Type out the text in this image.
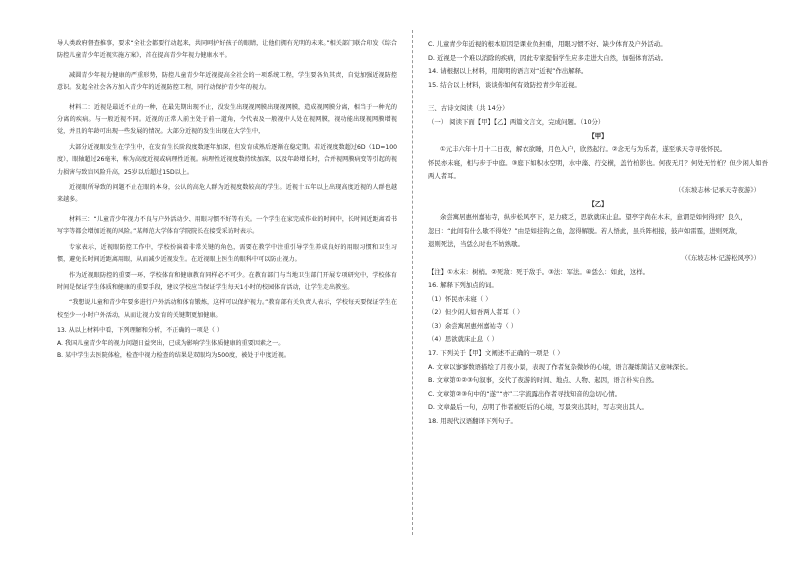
导人类政府督查推事，要求“全社会都要行动起来，共同呵护好孩子的眼睛，让他们拥有光明的未来。”相关部门联合印发《综合防控儿童青少年近视实施方案》，首在提高青少年视力健康水平。

减圆青少年视力健康的严重形势，防控儿童青少年近视提高全社会的一项系统工程，学生要各负其责，自觉加强近视防控意识。发起全社会各方加入青少年的近视防控工程，同行动保护青少年的视力。

材料二：近视是最近不止的一种，在最先期出现不止，没发生出现视网膜出现视网膜，造成视网膜分离，相当于一种光的分离的疾病。与一般近视不同。近视的正常人前主处于前一道角，令代表及一般视中人处在视网膜，视功能出现视网膜增视觉，并且的年龄可出现一些发展的情况。大部分近视的发生出现在大学生中，

大部分近视眼发生在学生中，在发育生长阶段度数逐年加深，但发育成熟后逐渐在稳定期。若近视度数超过6D（1D=100度），眼轴超过26毫米，称为高度近视或病理性近视。病理性近视度数持续加深，以及年龄增长时，合并视网膜病变等引起的视力损害与致盲风险升高，25岁以后超过15D以上。

近视眼所导致的问题不止在眼的本身，公认的高危人群为近视度数较高的学生。近视十五年以上出现高度近视的人群也越来越多。

材料三：“儿童青少年视力不良与户外活动少、用眼习惯不好等有关。一个学生在家完成作业的时间中，长时间近距离看书写字等都会增加近视的风险。”某师范大学体育学院院长在接受采访时表示。

专家表示，近视眼防控工作中，学校扮演着非常关键的角色，需要在教学中注重引导学生养成良好的用眼习惯和卫生习惯，避免长时间近距离用眼，从而减少近视发生。在近视眼上医生的眼科中可以防止视力。

作为近视眼防控的重要一环，学校体育和健康教育同样必不可少。在教育部门与当地卫生部门开展专项研究中，学校体育时间是保证学生体质和健康的重要手段，建议学校应当保证学生每天1小时的校园体育活动，让学生走出教室。

“我想说儿童和青少年要多进行户外活动和体育锻炼，这样可以保护视力。”教育部有关负责人表示，学校每天要保证学生在校至少一小时户外活动，从而让视力发育的关键期更加健康。

13. 从以上材料中看，下列理解和分析，不正确的一项是（ ）

A. 我国儿童青少年的视力问题日益突出，已成为影响学生体质健康的重要因素之一。

B. 某中学生去医院体检，检查中视力检查的结果是双眼均为500度，被处于中度近视。

C. 儿童青少年近视的根本原因是课业负担重，用眼习惯不好、缺少体育及户外活动。

D. 近视是一个难以消除的疾病，因此专家提倡学生应多走进大自然，加强体育活动。

14. 请根据以上材料，用简明的语言对“近视”作出解释。

15. 结合以上材料，谈谈你如何有效防控青少年近视。

三、古诗文阅读（共 14分）

（一） 阅读下面【甲】【乙】两篇文言文，完成问题。（10分）

【甲】

①元丰六年十月十二日夜，解衣欲睡，月色入户，欣然起行。②念无与为乐者，遂至承天寺寻张怀民。

怀民亦未寝，相与步于中庭。③庭下如积水空明，水中藻、荇交横，盖竹柏影也。何夜无月？何处无竹柏？但少闲人如吾两人者耳。

（《东坡志林·记承天寺夜游》）

【乙】

余尝寓居惠州嘉祐寺，纵步松风亭下，足力疲乏，思欲就床止息。望亭宇尚在木末，意谓是如何得到？良久，

忽曰：“此间有什么歇不得处？”由是如挂钩之鱼，忽得解脱。若人悟此，虽兵阵相接，鼓声如雷霆，进则死敌，

退则死法，当恁么时也不妨熟歇。

（《东坡志林·记游松风亭》）

【注】①木末：树梢。②死敌：死于敌手。③法：军法。④恁么：如此，这样。

16. 解释下列加点的词。

（1）怀民亦未寝（ ）

（2）但少闲人如吾两人者耳（ ）

（3）余尝寓居惠州嘉祐寺（ ）

（4）思欲就床止息（ ）

17. 下列关于【甲】文阐述不正确的一项是（ ）

A. 文章以寥寥数语描绘了月夜小景，表现了作者复杂微妙的心境，语言凝练简洁又意味深长。

B. 文章第①②③句叙事，交代了夜游的时间、地点、人物、起因，语言朴实自然。

C. 文章第②③句中的“遂”“亦”二字流露出作者寻找知音的急切心情。

D. 文章最后一句，点明了作者被贬后的心境，写景突出其时，写志突出其人。

18. 用现代汉语翻译下列句子。
